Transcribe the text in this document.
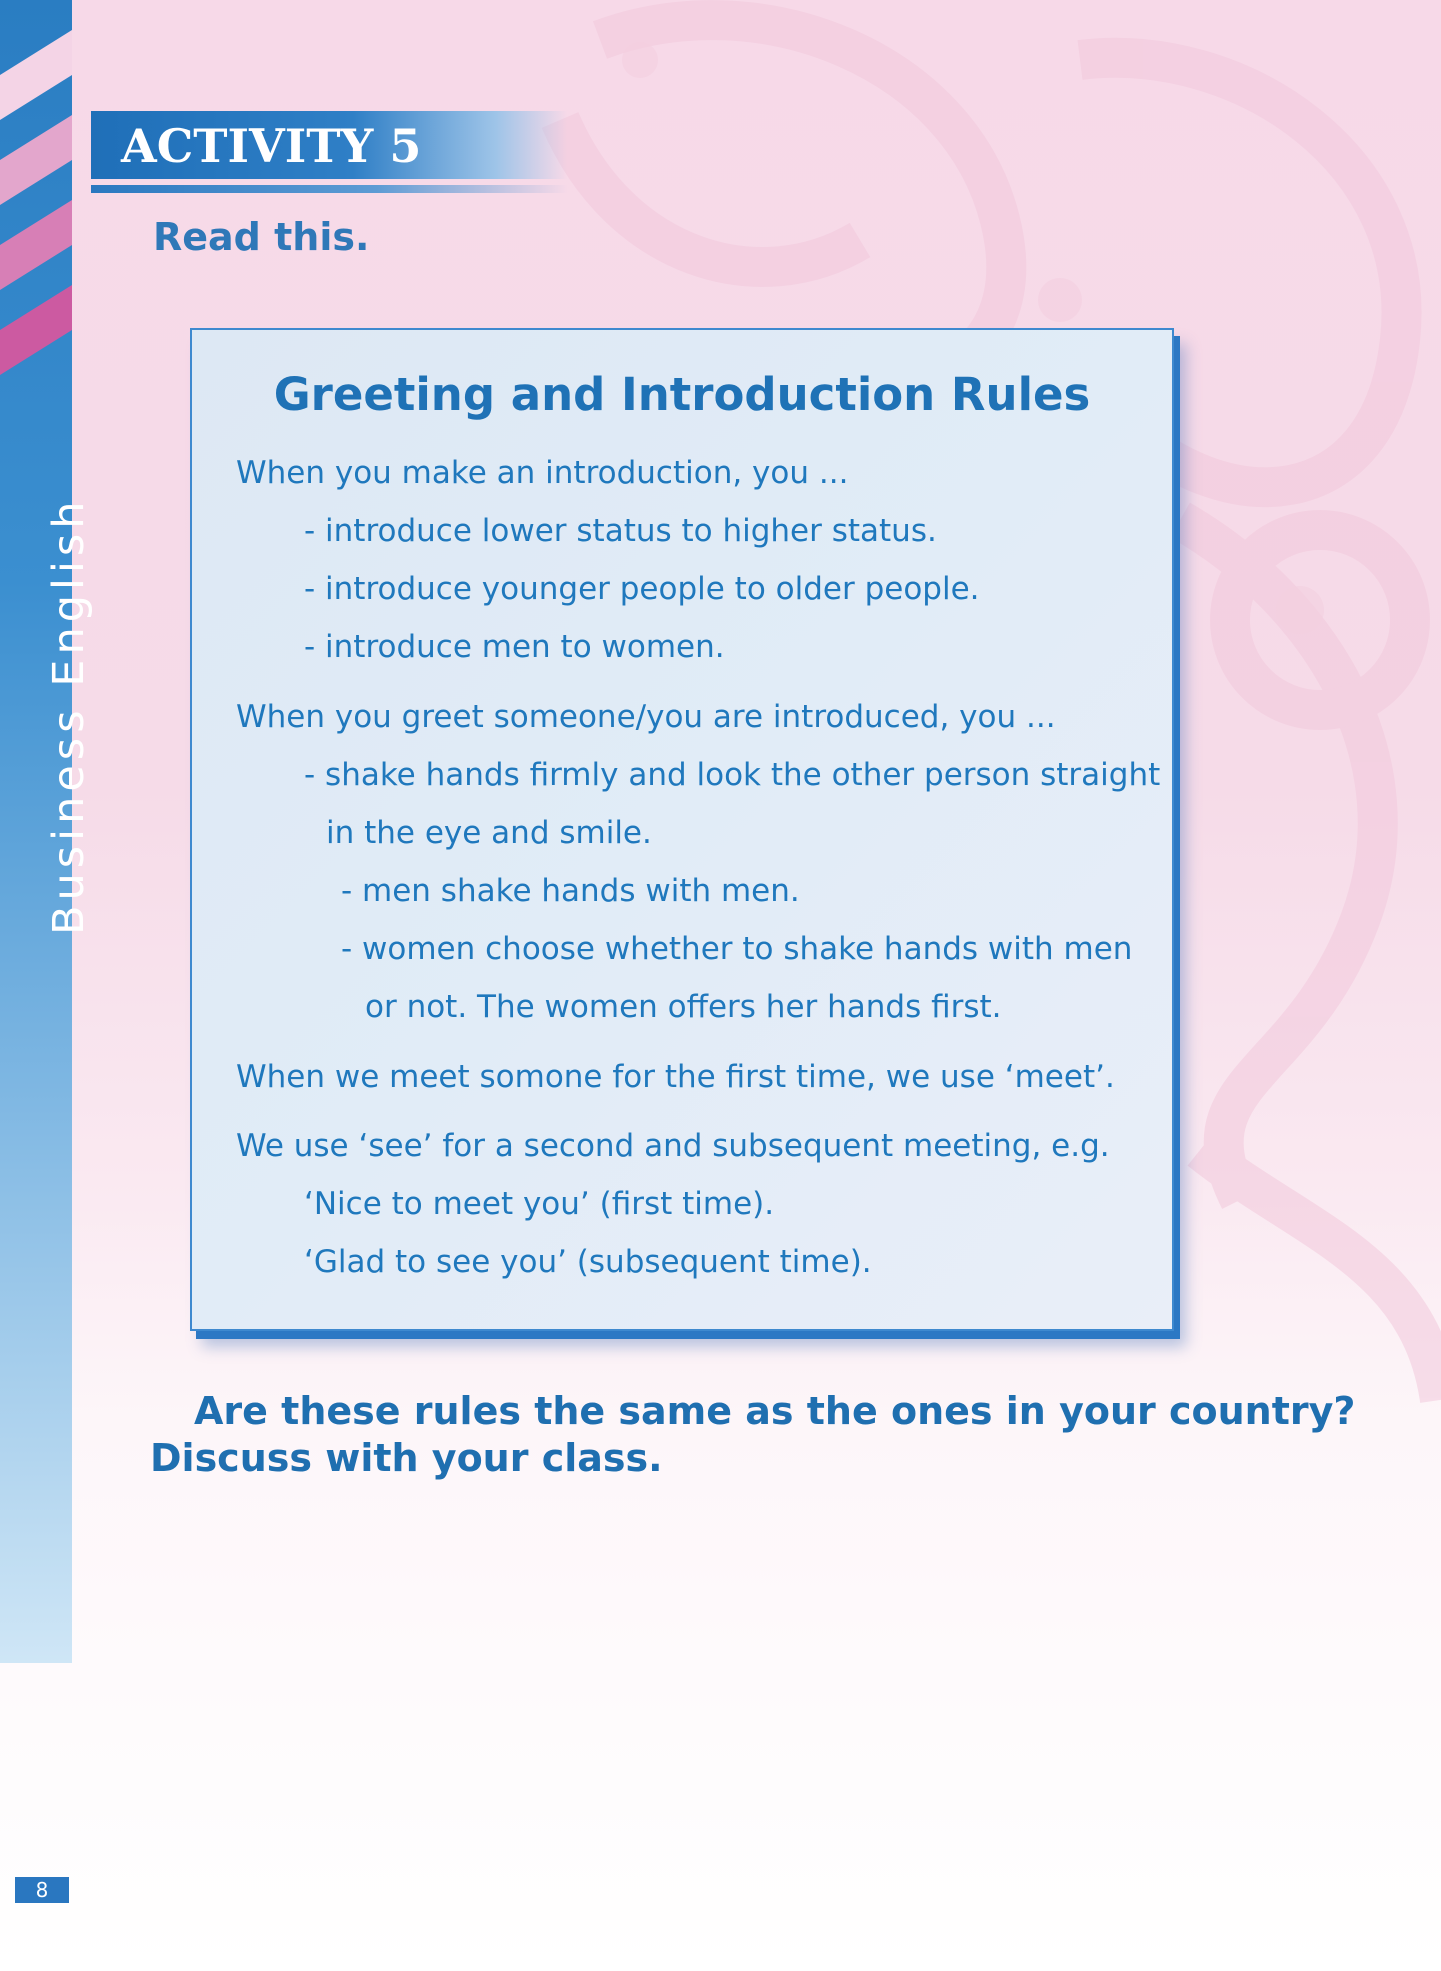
Business English
ACTIVITY 5
Read this.
Greeting and Introduction Rules
When you make an introduction, you ...
- introduce lower status to higher status.
- introduce younger people to older people.
- introduce men to women.
When you greet someone/you are introduced, you ...
- shake hands firmly and look the other person straight
in the eye and smile.
- men shake hands with men.
- women choose whether to shake hands with men
or not. The women offers her hands first.
When we meet somone for the first time, we use ‘meet’.
We use ‘see’ for a second and subsequent meeting, e.g.
‘Nice to meet you’ (first time).
‘Glad to see you’ (subsequent time).
Are these rules the same as the ones in your country?
Discuss with your class.
8
